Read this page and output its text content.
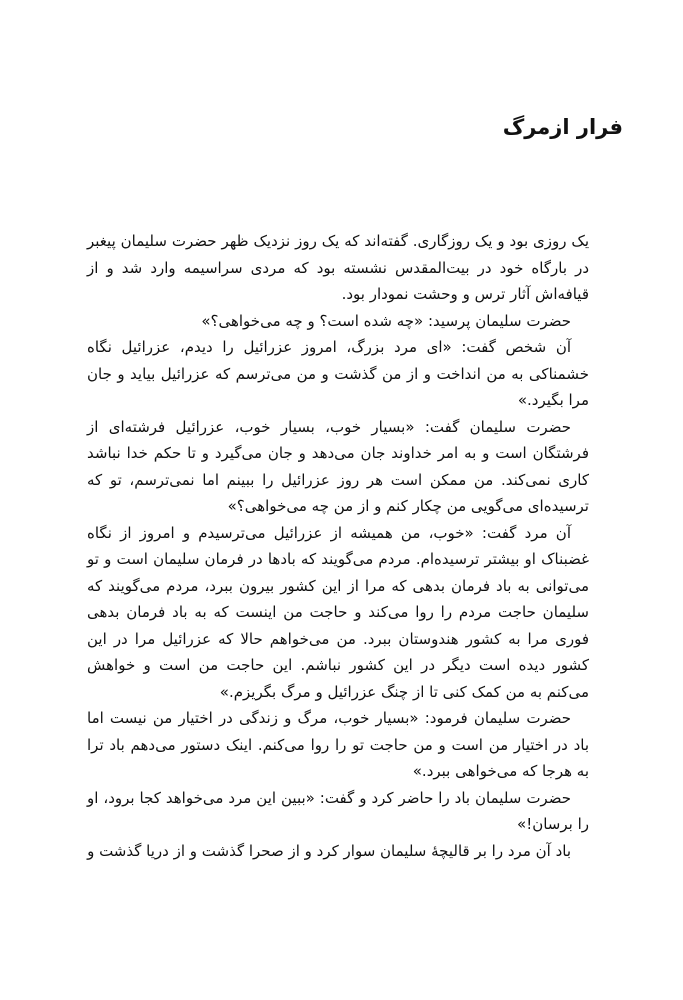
فرار ازمرگ

یک روزی بود و یک روزگاری. گفته‌اند که یک روز نزدیک ظهر حضرت سلیمان پیغبر در بارگاه خود در بیت‌المقدس نشسته بود که مردی سراسیمه وارد شد و از قیافه‌اش آثار ترس و وحشت نمودار بود.

حضرت سلیمان پرسید: «چه شده است؟ و چه می‌خواهی؟»

آن شخص گفت: «ای مرد بزرگ، امروز عزرائیل را دیدم، عزرائیل نگاه خشمناکی به من انداخت و از من گذشت و من می‌ترسم که عزرائیل بیاید و جان مرا بگیرد.»

حضرت سلیمان گفت: «بسیار خوب، بسیار خوب، عزرائیل فرشته‌ای از فرشتگان است و به امر خداوند جان می‌دهد و جان می‌گیرد و تا حکم خدا نباشد کاری نمی‌کند. من ممکن است هر روز عزرائیل را ببینم اما نمی‌ترسم، تو که ترسیده‌ای می‌گویی من چکار کنم و از من چه می‌خواهی؟»

آن مرد گفت: «خوب، من همیشه از عزرائیل می‌ترسیدم و امروز از نگاه غضبناک او بیشتر ترسیده‌ام. مردم می‌گویند که بادها در فرمان سلیمان است و تو می‌توانی به باد فرمان بدهی که مرا از این کشور بیرون ببرد، مردم می‌گویند که سلیمان حاجت مردم را روا می‌کند و حاجت من اینست که به باد فرمان بدهی فوری مرا به کشور هندوستان ببرد. من می‌خواهم حالا که عزرائیل مرا در این کشور دیده است دیگر در این کشور نباشم. این حاجت من است و خواهش می‌کنم به من کمک کنی تا از چنگ عزرائیل و مرگ بگریزم.»

حضرت سلیمان فرمود: «بسیار خوب، مرگ و زندگی در اختیار من نیست اما باد در اختیار من است و من حاجت تو را روا می‌کنم. اینک دستور می‌دهم باد ترا به هرجا که می‌خواهی ببرد.»

حضرت سلیمان باد را حاضر کرد و گفت: «ببین این مرد می‌خواهد کجا برود، او را برسان!»

باد آن مرد را بر قالیچهٔ سلیمان سوار کرد و از صحرا گذشت و از دریا گذشت و
